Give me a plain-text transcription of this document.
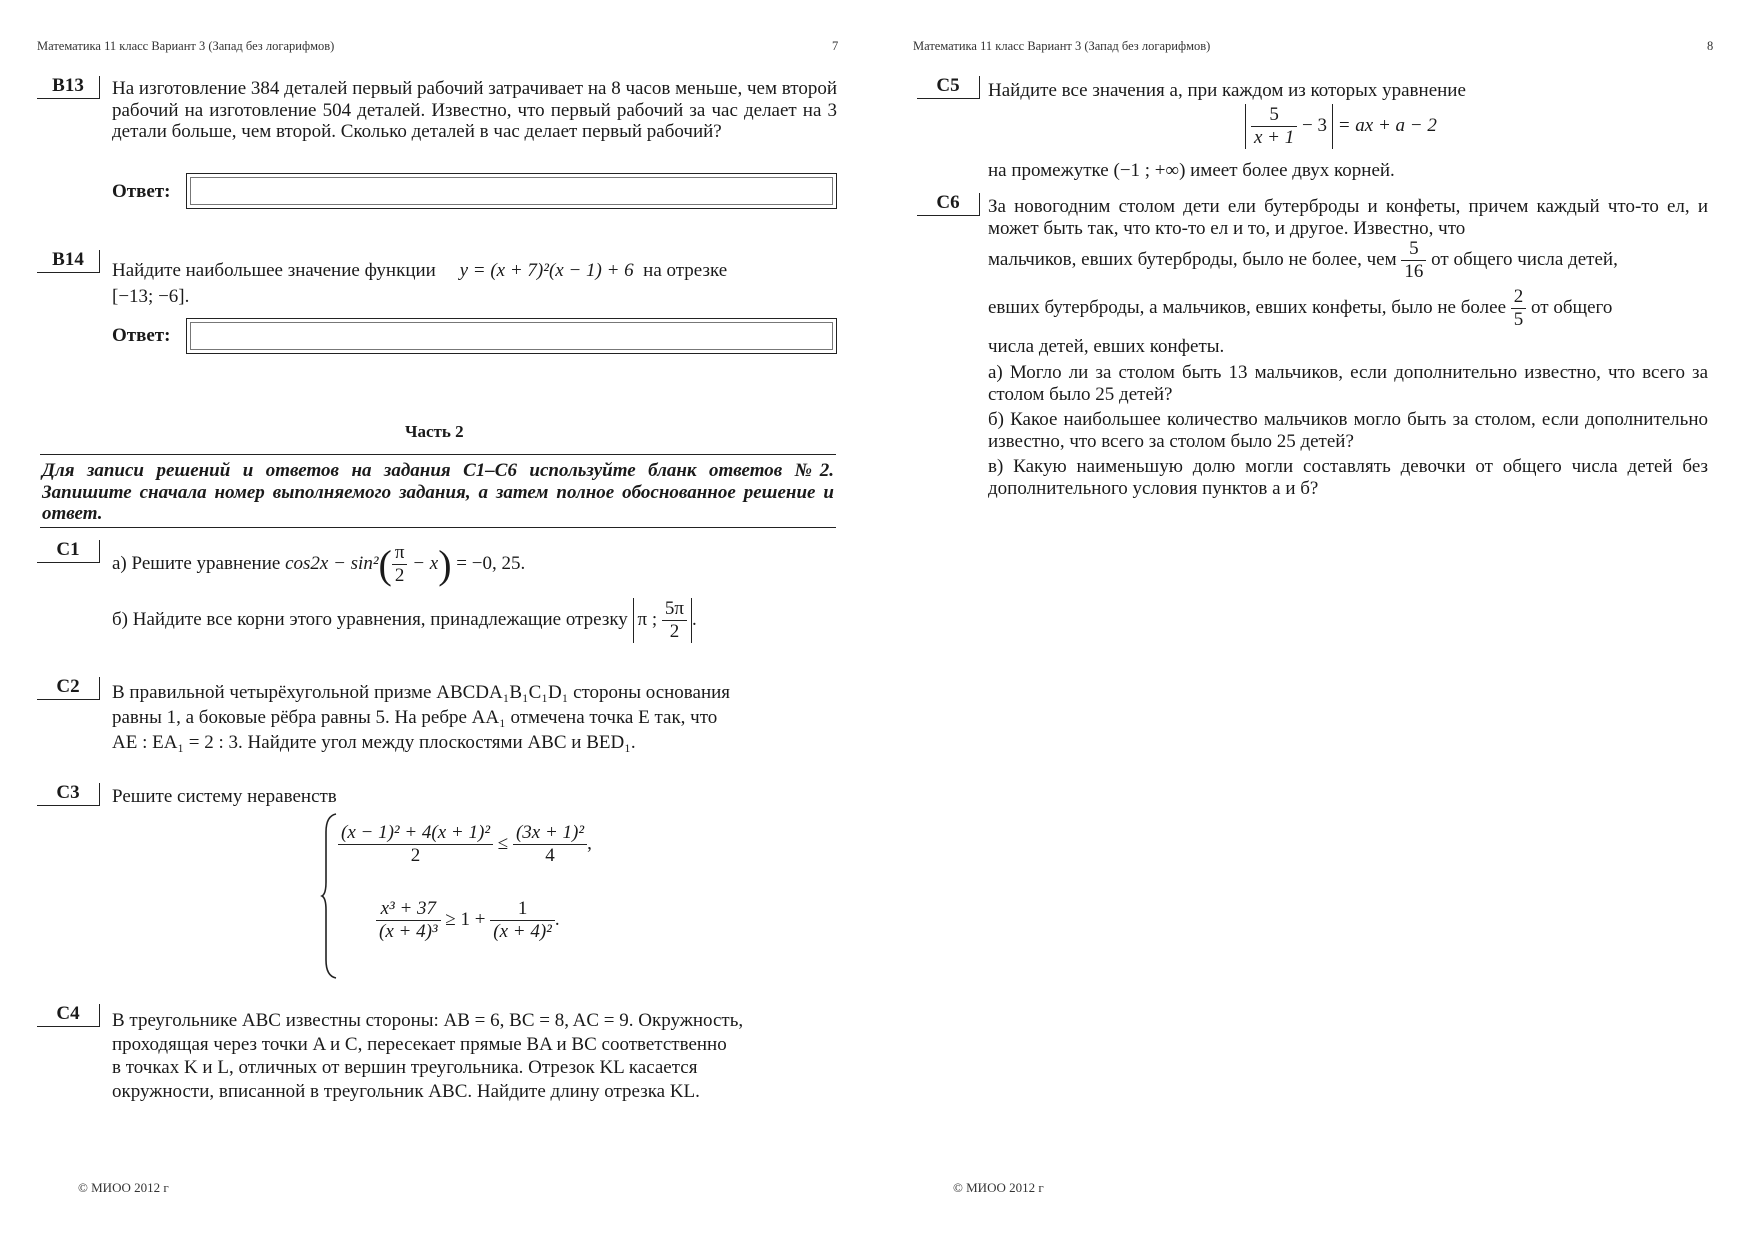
Математика 11 класс Вариант 3 (Запад без логарифмов)	7
B13	На изготовление 384 деталей первый рабочий затрачивает на 8 часов меньше, чем второй рабочий на изготовление 504 деталей. Известно, что первый рабочий за час делает на 3 детали больше, чем второй. Сколько деталей в час делает первый рабочий?
Ответ:
B14
Найдите наибольшее значение функции y = (x + 7)²(x − 1) + 6 на отрезке
[−13; −6].
Ответ:
Часть 2
Для записи решений и ответов на задания С1–С6 используйте бланк ответов №2. Запишите сначала номер выполняемого задания, а затем полное обоснованное решение и ответ.
C1
а) Решите уравнение $\cos 2x - \sin^2( \frac{\pi}{2} - x) = -0$, 25.
б) Найдите все корни этого уравнения, принадлежащие отрезку π ; $\frac{5\pi}{2}$ .
C2	В правильной четырёхугольной призме ABCDA₁B₁C₁D₁ стороны основания
равны 1, а боковые рёбра равны 5. На ребре AA₁ отмечена точка E так, что
AE : EA₁ = 2 : 3. Найдите угол между плоскостями ABC и BED₁.
C3	Решите систему неравенств
$\frac{\text{(x − 1)² + 4(x + 1)²}}{2} \le \frac{\text{(3x + 1)²}}{4}$ ,
$\frac{\text{x³ + 37}}{\text{(x + 4)³}} \ge 1 + \frac{1}{\text{(x + 4)²}}$ .
C4	В треугольнике ABC известны стороны: AB = 6, BC = 8, AC = 9. Окружность,
проходящая через точки A и C, пересекает прямые BA и BC соответственно
в точках K и L, отличных от вершин треугольника. Отрезок KL касается
окружности, вписанной в треугольник ABC. Найдите длину отрезка KL.
© МИОО 2012 г
Математика 11 класс Вариант 3 (Запад без логарифмов)	8
C5	Найдите все значения a, при каждом из которых уравнение
$\frac{5}{x + 1} - 3$ = ax + a − 2
на промежутке (−1 ; +∞) имеет более двух корней.
C6	За новогодним столом дети ели бутерброды и конфеты, причем каждый что-то ел, и может быть так, что кто-то ел и то, и другое. Известно, что
мальчиков, евших бутерброды, было не более, чем $\frac{5}{16}$ от общего числа детей,
евших бутерброды, а мальчиков, евших конфеты, было не более $\frac{2}{5}$ от общего
числа детей, евших конфеты.
а) Могло ли за столом быть 13 мальчиков, если дополнительно известно, что всего за столом было 25 детей?
б) Какое наибольшее количество мальчиков могло быть за столом, если дополнительно известно, что всего за столом было 25 детей?
в) Какую наименьшую долю могли составлять девочки от общего числа детей без дополнительного условия пунктов а и б?
© МИОО 2012 г
